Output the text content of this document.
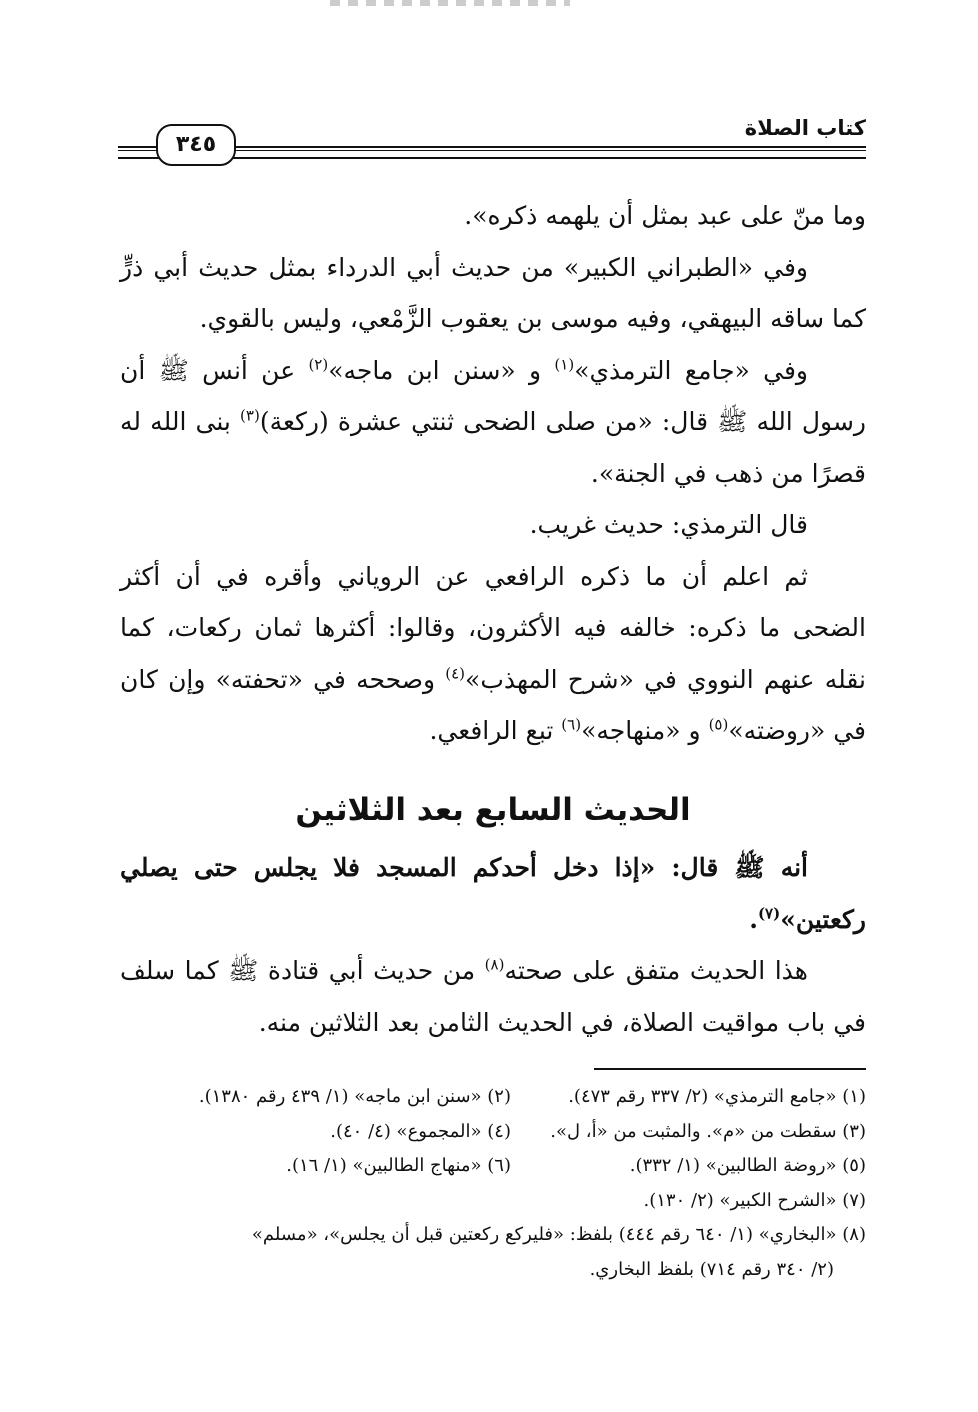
كتاب الصلاة
٣٤٥

وما منّ على عبد بمثل أن يلهمه ذكره».

وفي «الطبراني الكبير» من حديث أبي الدرداء بمثل حديث أبي ذرٍّ كما ساقه البيهقي، وفيه موسى بن يعقوب الزَّمْعي، وليس بالقوي.

وفي «جامع الترمذي»$^{(١)}$ و «سنن ابن ماجه»$^{(٢)}$ عن أنس ﷺ أن رسول الله ﷺ قال: «من صلى الضحى ثنتي عشرة (ركعة)$^{(٣)}$ بنى الله له قصرًا من ذهب في الجنة».

قال الترمذي: حديث غريب.

ثم اعلم أن ما ذكره الرافعي عن الروياني وأقره في أن أكثر الضحى ما ذكره: خالفه فيه الأكثرون، وقالوا: أكثرها ثمان ركعات، كما نقله عنهم النووي في «شرح المهذب»$^{(٤)}$ وصححه في «تحفته» وإن كان في «روضته»$^{(٥)}$ و «منهاجه»$^{(٦)}$ تبع الرافعي.

الحديث السابع بعد الثلاثين

أنه ﷺ قال: «إذا دخل أحدكم المسجد فلا يجلس حتى يصلي ركعتين»$^{(٧)}$.

هذا الحديث متفق على صحته$^{(٨)}$ من حديث أبي قتادة ﷺ كما سلف في باب مواقيت الصلاة، في الحديث الثامن بعد الثلاثين منه.

(١) «جامع الترمذي» (٢/ ٣٣٧ رقم ٤٧٣).
(٢) «سنن ابن ماجه» (١/ ٤٣٩ رقم ١٣٨٠).
(٣) سقطت من «م». والمثبت من «أ، ل».
(٤) «المجموع» (٤/ ٤٠).
(٥) «روضة الطالبين» (١/ ٣٣٢).
(٦) «منهاج الطالبين» (١/ ١٦).
(٧) «الشرح الكبير» (٢/ ١٣٠).
(٨) «البخاري» (١/ ٦٤٠ رقم ٤٤٤) بلفظ: «فليركع ركعتين قبل أن يجلس»، «مسلم»
(٢/ ٣٤٠ رقم ٧١٤) بلفظ البخاري.
